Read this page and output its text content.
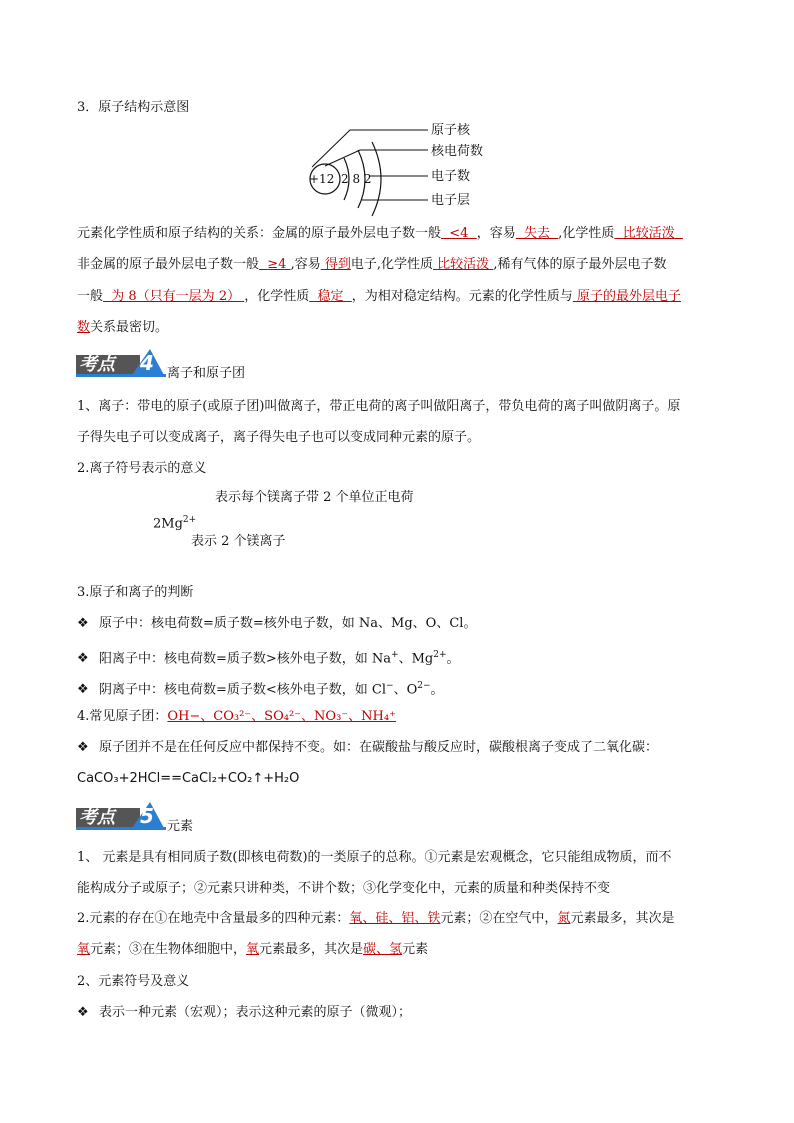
3．原子结构示意图
+12 2 8 2
原子核
核电荷数
电子数
电子层
元素化学性质和原子结构的关系：金属的原子最外层电子数一般 <4 ，容易 失去 ,化学性质 比较活泼
非金属的原子最外层电子数一般 ≥4 ,容易 得到电子,化学性质 比较活泼 ,稀有气体的原子最外层电子数
一般 为 8（只有一层为 2） ，化学性质 稳定 ，为相对稳定结构。元素的化学性质与 原子的最外层电子
数关系最密切。
考点 4 离子和原子团
1、离子：带电的原子(或原子团)叫做离子，带正电荷的离子叫做阳离子，带负电荷的离子叫做阴离子。原
子得失电子可以变成离子，离子得失电子也可以变成同种元素的原子。
2.离子符号表示的意义
表示每个镁离子带 2 个单位正电荷
$2Mg^{2+}$
表示 2 个镁离子
3.原子和离子的判断
❖ 原子中：核电荷数=质子数=核外电子数，如 Na、Mg、O、Cl。
❖ 阳离子中：核电荷数=质子数>核外电子数，如 Na+、$Mg^{2+}$。
❖ 阴离子中：核电荷数=质子数<核外电子数，如 Cl−、$O^{2-}$。
4.常见原子团：OH−、CO₃²⁻、SO₄²⁻、NO₃⁻、NH₄⁺
❖ 原子团并不是在任何反应中都保持不变。如：在碳酸盐与酸反应时，碳酸根离子变成了二氧化碳：
CaCO₃+2HCl==CaCl₂+CO₂↑+H₂O
考点 5 元素
1、 元素是具有相同质子数(即核电荷数)的一类原子的总称。①元素是宏观概念，它只能组成物质，而不
能构成分子或原子；②元素只讲种类，不讲个数；③化学变化中，元素的质量和种类保持不变
2.元素的存在①在地壳中含量最多的四种元素：氧、硅、铝、铁元素；②在空气中，氮元素最多，其次是
氧元素；③在生物体细胞中，氧元素最多，其次是碳、氢元素
2、元素符号及意义
❖ 表示一种元素（宏观）；表示这种元素的原子（微观）；
